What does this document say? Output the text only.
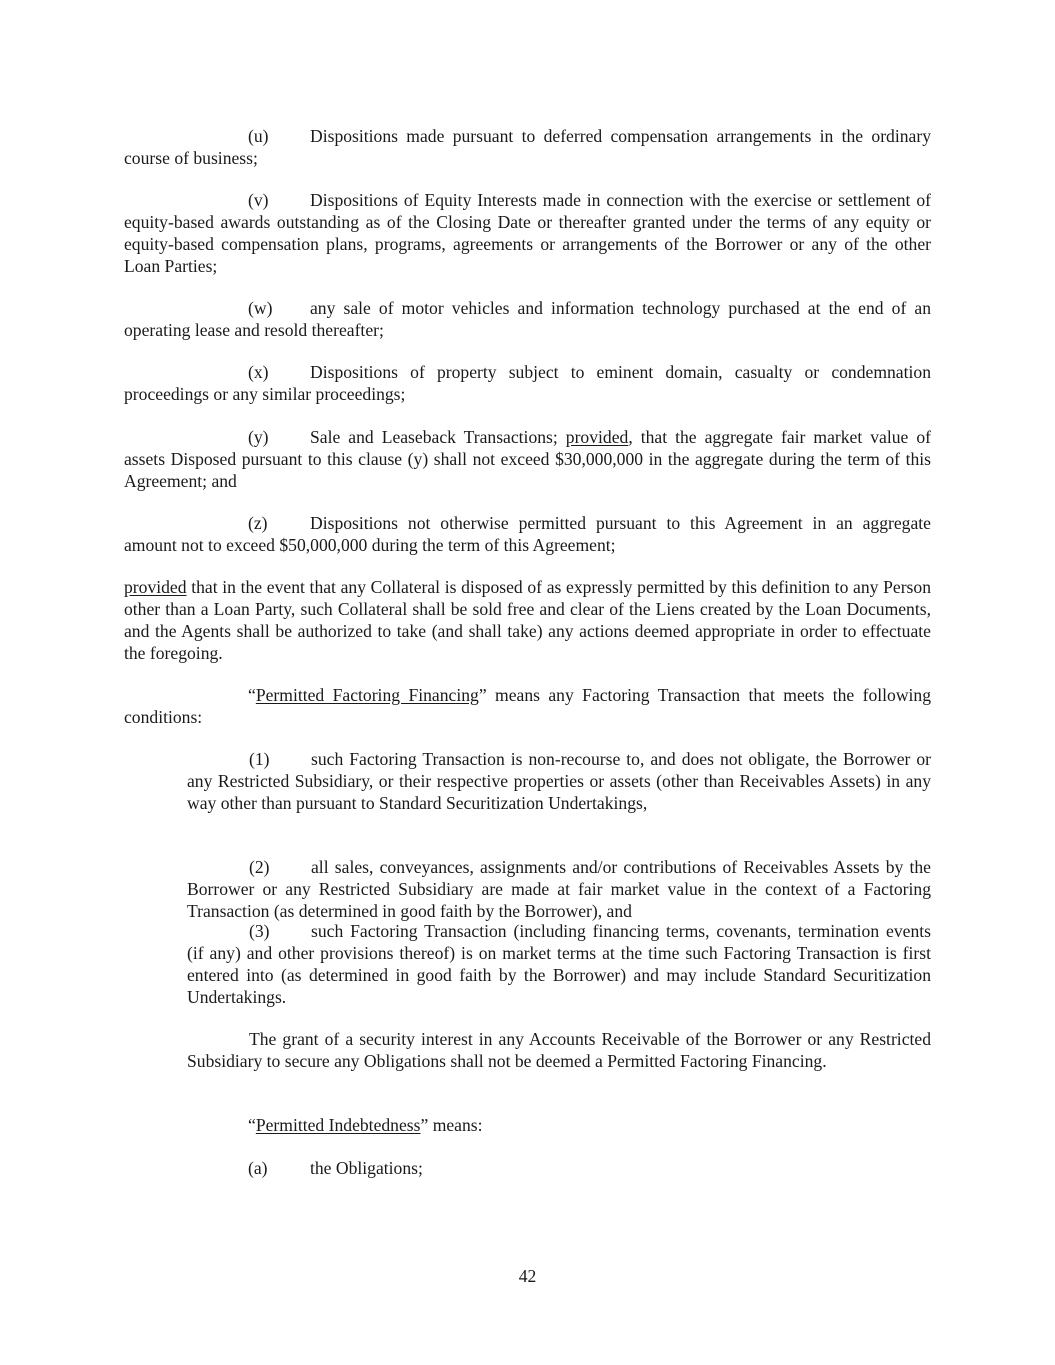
(u) Dispositions made pursuant to deferred compensation arrangements in the ordinary course of business;

(v) Dispositions of Equity Interests made in connection with the exercise or settlement of equity-based awards outstanding as of the Closing Date or thereafter granted under the terms of any equity or equity-based compensation plans, programs, agreements or arrangements of the Borrower or any of the other Loan Parties;

(w) any sale of motor vehicles and information technology purchased at the end of an operating lease and resold thereafter;

(x) Dispositions of property subject to eminent domain, casualty or condemnation proceedings or any similar proceedings;

(y) Sale and Leaseback Transactions; provided, that the aggregate fair market value of assets Disposed pursuant to this clause (y) shall not exceed $30,000,000 in the aggregate during the term of this Agreement; and

(z) Dispositions not otherwise permitted pursuant to this Agreement in an aggregate amount not to exceed $50,000,000 during the term of this Agreement;

provided that in the event that any Collateral is disposed of as expressly permitted by this definition to any Person other than a Loan Party, such Collateral shall be sold free and clear of the Liens created by the Loan Documents, and the Agents shall be authorized to take (and shall take) any actions deemed appropriate in order to effectuate the foregoing.

“Permitted Factoring Financing” means any Factoring Transaction that meets the following
conditions:

(1) such Factoring Transaction is non-recourse to, and does not obligate, the Borrower or any Restricted Subsidiary, or their respective properties or assets (other than Receivables Assets) in any way other than pursuant to Standard Securitization Undertakings,

(2) all sales, conveyances, assignments and/or contributions of Receivables Assets by the Borrower or any Restricted Subsidiary are made at fair market value in the context of a Factoring Transaction (as determined in good faith by the Borrower), and

(3) such Factoring Transaction (including financing terms, covenants, termination events (if any) and other provisions thereof) is on market terms at the time such Factoring Transaction is first entered into (as determined in good faith by the Borrower) and may include Standard Securitization Undertakings.

The grant of a security interest in any Accounts Receivable of the Borrower or any Restricted Subsidiary to secure any Obligations shall not be deemed a Permitted Factoring Financing.

“Permitted Indebtedness” means:

(a) the Obligations;

42
